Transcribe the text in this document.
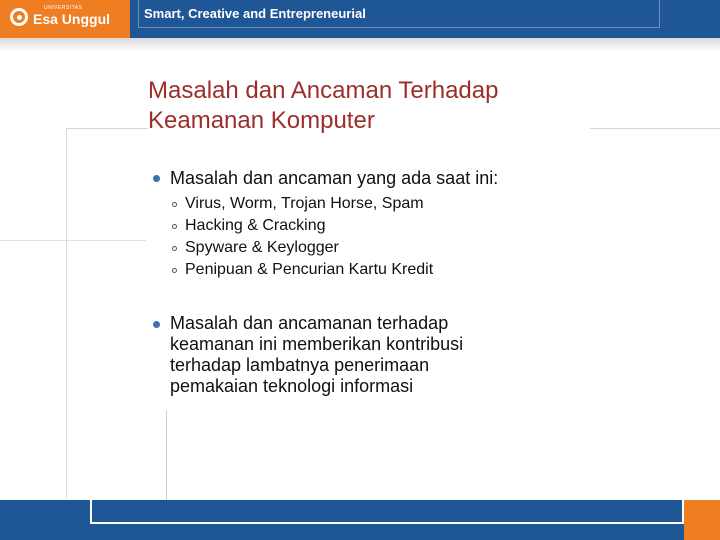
UNIVERSITAS
Esa Unggul	Smart, Creative and Entrepreneurial
Masalah dan Ancaman Terhadap
Keamanan Komputer
Masalah dan ancaman yang ada saat ini:
Virus, Worm, Trojan Horse, Spam
Hacking & Cracking
Spyware & Keylogger
Penipuan & Pencurian Kartu Kredit
Masalah dan ancamanan terhadap
keamanan ini memberikan kontribusi
terhadap lambatnya penerimaan
pemakaian teknologi informasi
